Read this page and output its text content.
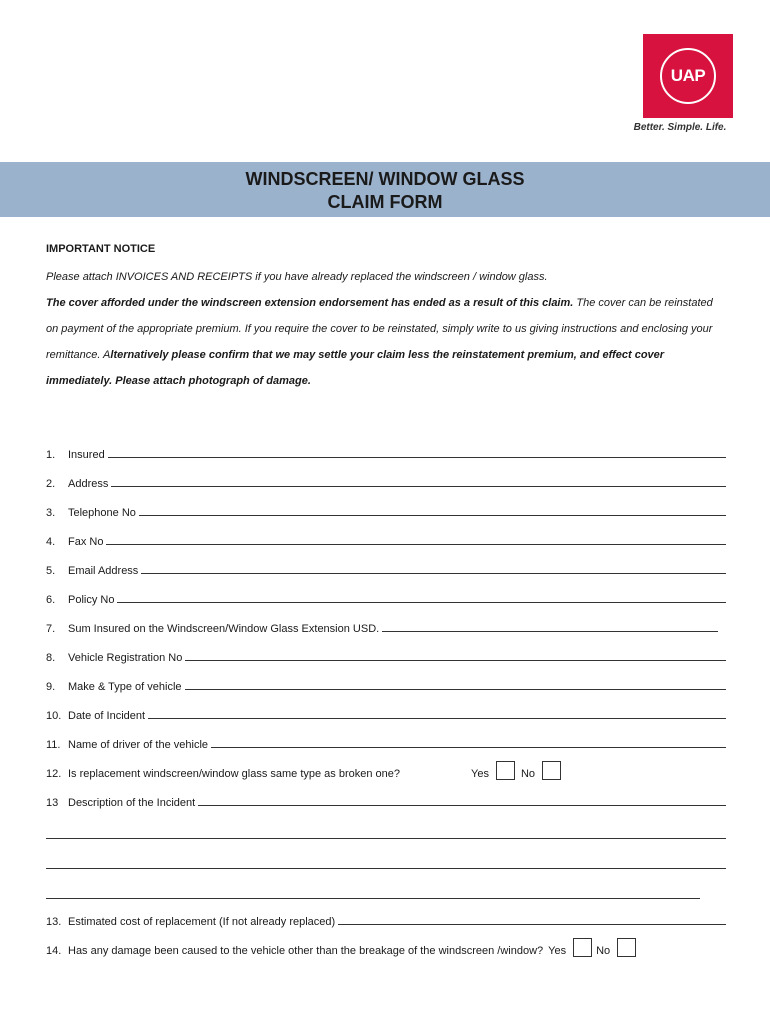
UAP
Better. Simple. Life.
WINDSCREEN/ WINDOW GLASS
CLAIM FORM
IMPORTANT NOTICE

Please attach INVOICES AND RECEIPTS if you have already replaced the windscreen / window glass.

The cover afforded under the windscreen extension endorsement has ended as a result of this claim. The cover can be reinstated on payment of the appropriate premium. If you require the cover to be reinstated, simply write to us giving instructions and enclosing your remittance. Alternatively please confirm that we may settle your claim less the reinstatement premium, and effect cover immediately. Please attach photograph of damage.

1.	Insured
2.	Address
3.	Telephone No
4.	Fax No
5.	Email Address
6.	Policy No
7.	Sum Insured on the Windscreen/Window Glass Extension USD.
8.	Vehicle Registration No
9.	Make & Type of vehicle
10. Date of Incident
11. Name of driver of the vehicle
12. Is replacement windscreen/window glass same type as broken one?	Yes	No
13 Description of the Incident
13. Estimated cost of replacement (If not already replaced)
14. Has any damage been caused to the vehicle other than the breakage of the windscreen /window? Yes	No
